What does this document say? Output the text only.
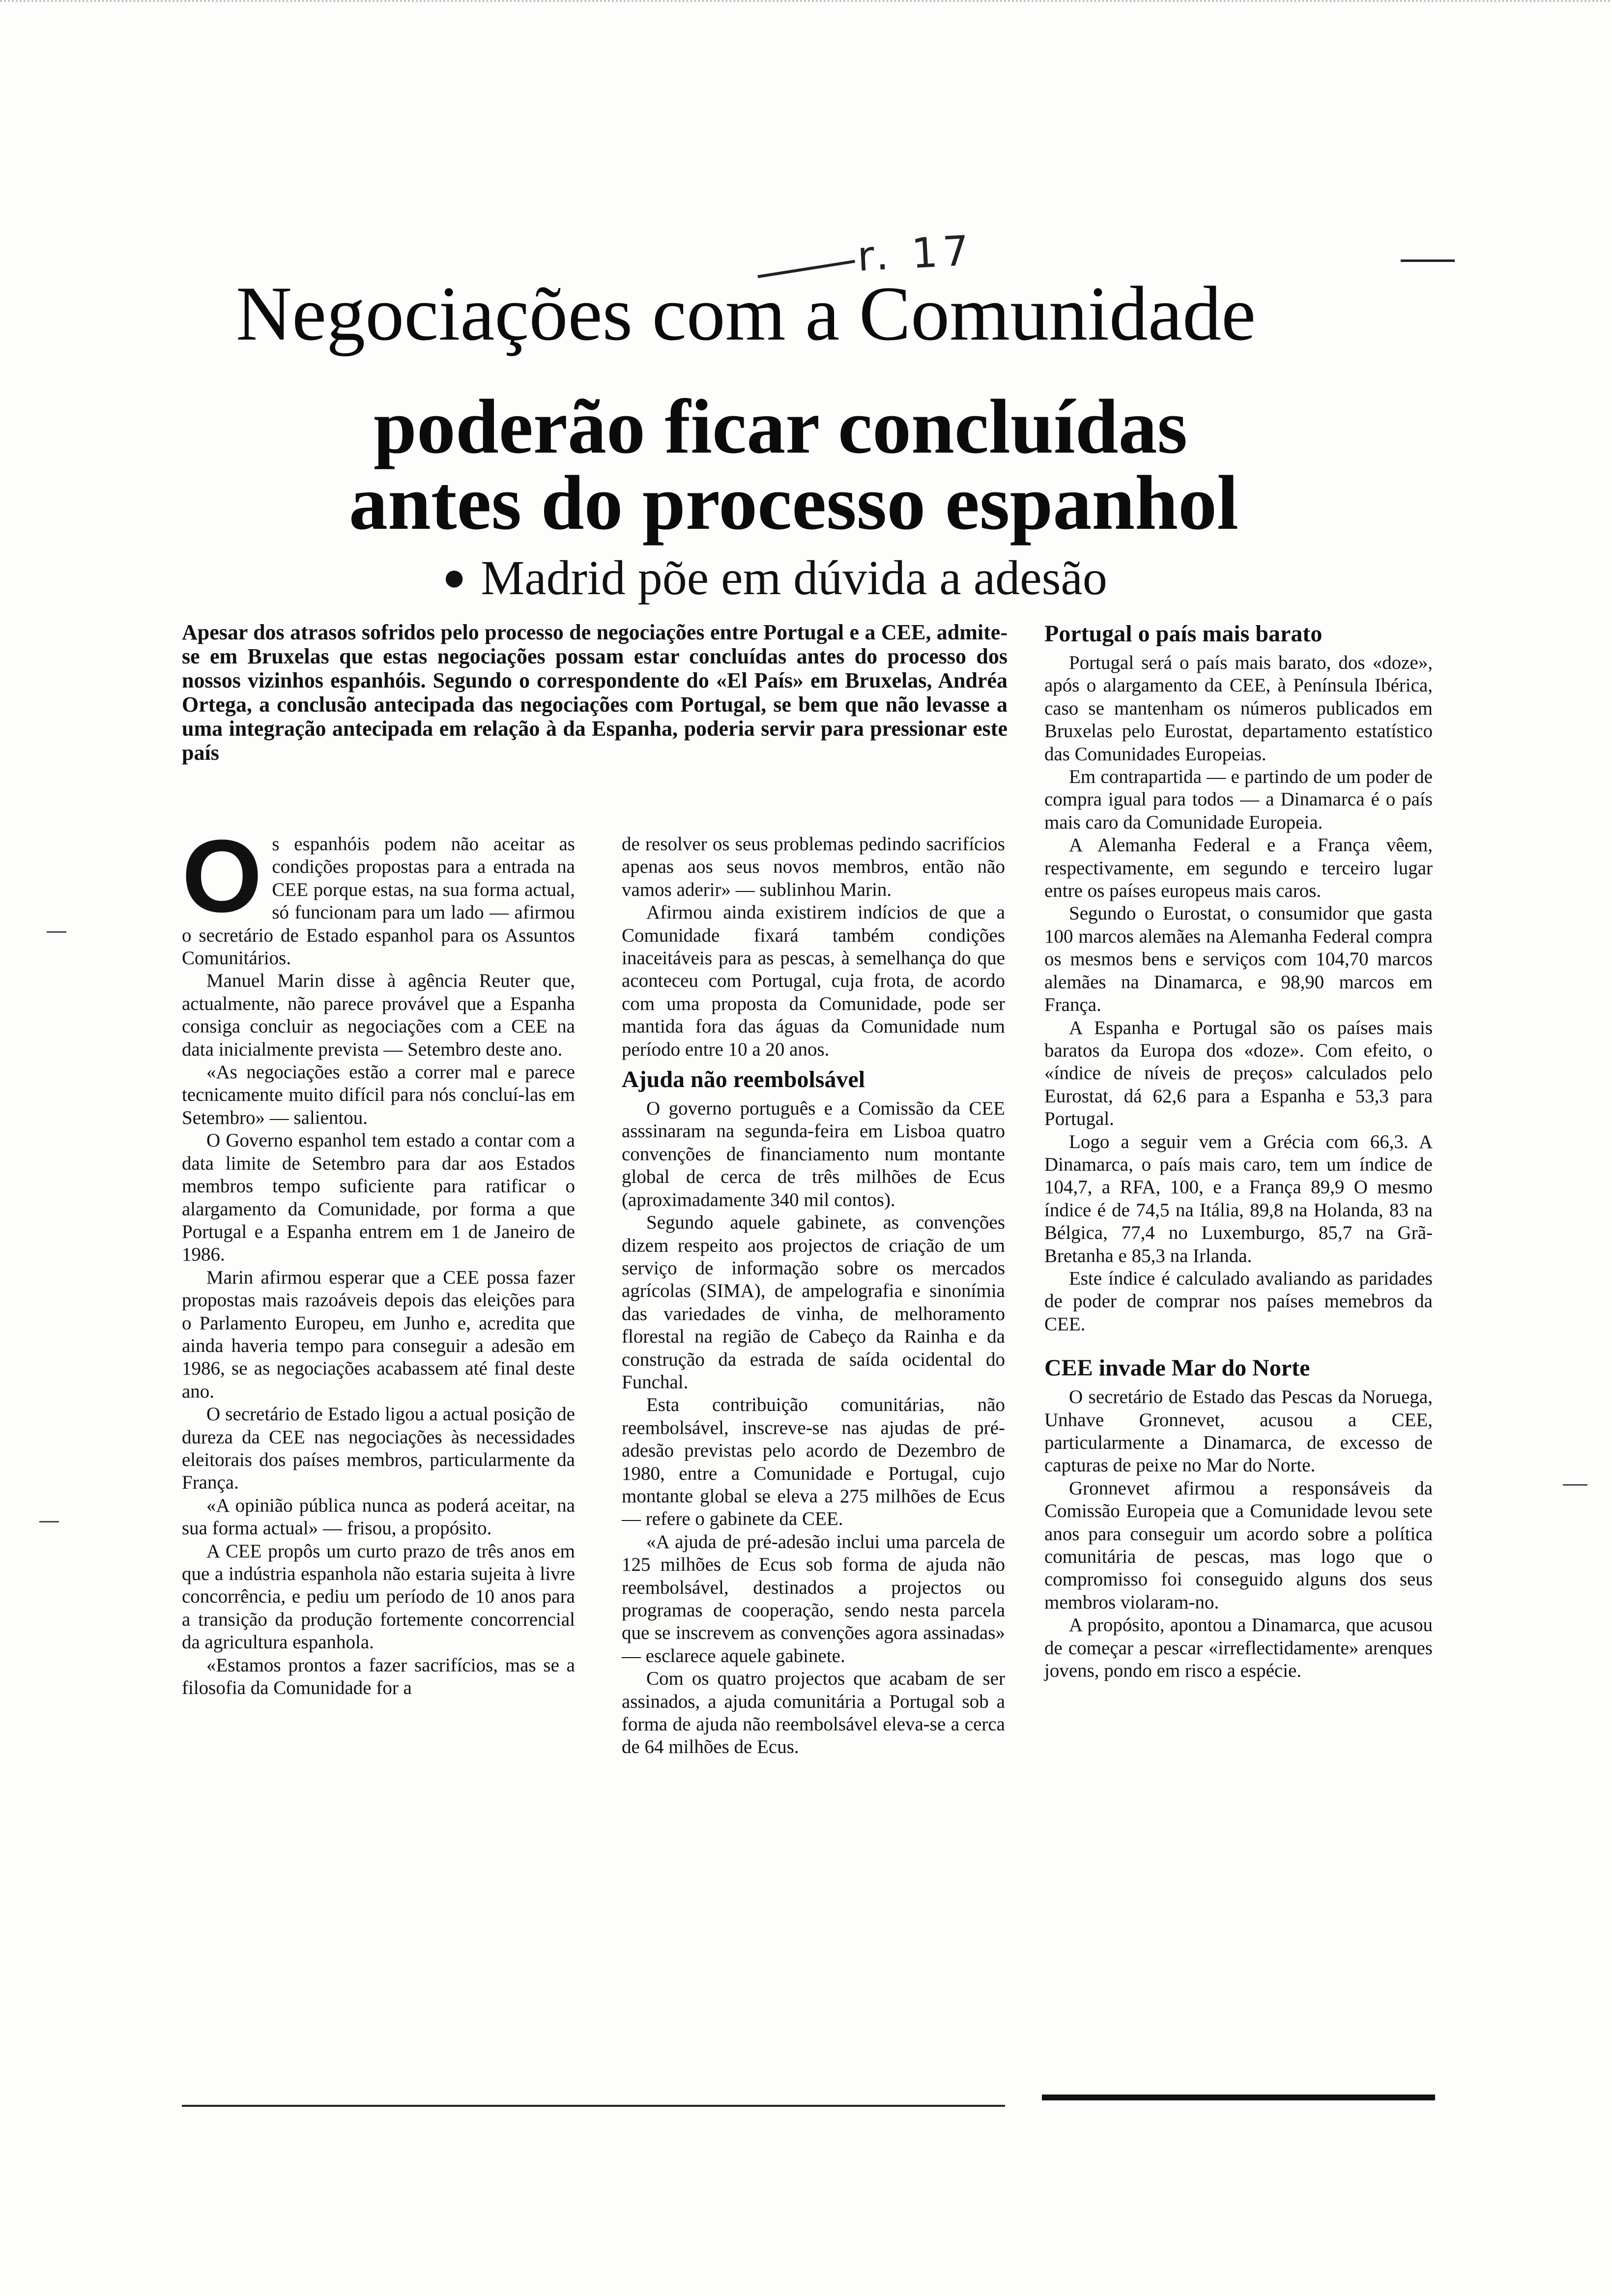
r. 17
Negociações com a Comunidade
poderão ficar concluídas
antes do processo espanhol
● Madrid põe em dúvida a adesão

Apesar dos atrasos sofridos pelo processo de negociações entre Portugal e a CEE, admite-se em Bruxelas que estas negociações possam estar concluídas antes do processo dos nossos vizinhos espanhóis. Segundo o correspondente do «El País» em Bruxelas, Andréa Ortega, a conclusão antecipada das negociações com Portugal, se bem que não levasse a uma integração antecipada em relação à da Espanha, poderia servir para pressionar este país

Os espanhóis podem não aceitar as condições propostas para a entrada na CEE porque estas, na sua forma actual, só funcionam para um lado — afirmou o secretário de Estado espanhol para os Assuntos Comunitários.

Manuel Marin disse à agência Reuter que, actualmente, não parece provável que a Espanha consiga concluir as negociações com a CEE na data inicialmente prevista — Setembro deste ano.

«As negociações estão a correr mal e parece tecnicamente muito difícil para nós concluí-las em Setembro» — salientou.

O Governo espanhol tem estado a contar com a data limite de Setembro para dar aos Estados membros tempo suficiente para ratificar o alargamento da Comunidade, por forma a que Portugal e a Espanha entrem em 1 de Janeiro de 1986.

Marin afirmou esperar que a CEE possa fazer propostas mais razoáveis depois das eleições para o Parlamento Europeu, em Junho e, acredita que ainda haveria tempo para conseguir a adesão em 1986, se as negociações acabassem até final deste ano.

O secretário de Estado ligou a actual posição de dureza da CEE nas negociações às necessidades eleitorais dos países membros, particularmente da França.

«A opinião pública nunca as poderá aceitar, na sua forma actual» — frisou, a propósito.

A CEE propôs um curto prazo de três anos em que a indústria espanhola não estaria sujeita à livre concorrência, e pediu um período de 10 anos para a transição da produção fortemente concorrencial da agricultura espanhola.

«Estamos prontos a fazer sacrifícios, mas se a filosofia da Comunidade for a

de resolver os seus problemas pedindo sacrifícios apenas aos seus novos membros, então não vamos aderir» — sublinhou Marin.

Afirmou ainda existirem indícios de que a Comunidade fixará também condições inaceitáveis para as pescas, à semelhança do que aconteceu com Portugal, cuja frota, de acordo com uma proposta da Comunidade, pode ser mantida fora das águas da Comunidade num período entre 10 a 20 anos.

Ajuda não reembolsável

O governo português e a Comissão da CEE asssinaram na segunda-feira em Lisboa quatro convenções de financiamento num montante global de cerca de três milhões de Ecus (aproximadamente 340 mil contos).

Segundo aquele gabinete, as convenções dizem respeito aos projectos de criação de um serviço de informação sobre os mercados agrícolas (SIMA), de ampelografia e sinonímia das variedades de vinha, de melhoramento florestal na região de Cabeço da Rainha e da construção da estrada de saída ocidental do Funchal.

Esta contribuição comunitárias, não reembolsável, inscreve-se nas ajudas de pré-adesão previstas pelo acordo de Dezembro de 1980, entre a Comunidade e Portugal, cujo montante global se eleva a 275 milhões de Ecus — refere o gabinete da CEE.

«A ajuda de pré-adesão inclui uma parcela de 125 milhões de Ecus sob forma de ajuda não reembolsável, destinados a projectos ou programas de cooperação, sendo nesta parcela que se inscrevem as convenções agora assinadas» — esclarece aquele gabinete.

Com os quatro projectos que acabam de ser assinados, a ajuda comunitária a Portugal sob a forma de ajuda não reembolsável eleva-se a cerca de 64 milhões de Ecus.

Portugal o país mais barato

Portugal será o país mais barato, dos «doze», após o alargamento da CEE, à Península Ibérica, caso se mantenham os números publicados em Bruxelas pelo Eurostat, departamento estatístico das Comunidades Europeias.

Em contrapartida — e partindo de um poder de compra igual para todos — a Dinamarca é o país mais caro da Comunidade Europeia.

A Alemanha Federal e a França vêem, respectivamente, em segundo e terceiro lugar entre os países europeus mais caros.

Segundo o Eurostat, o consumidor que gasta 100 marcos alemães na Alemanha Federal compra os mesmos bens e serviços com 104,70 marcos alemães na Dinamarca, e 98,90 marcos em França.

A Espanha e Portugal são os países mais baratos da Europa dos «doze». Com efeito, o «índice de níveis de preços» calculados pelo Eurostat, dá 62,6 para a Espanha e 53,3 para Portugal.

Logo a seguir vem a Grécia com 66,3. A Dinamarca, o país mais caro, tem um índice de 104,7, a RFA, 100, e a França 89,9 O mesmo índice é de 74,5 na Itália, 89,8 na Holanda, 83 na Bélgica, 77,4 no Luxemburgo, 85,7 na Grã-Bretanha e 85,3 na Irlanda.

Este índice é calculado avaliando as paridades de poder de comprar nos países memebros da CEE.

CEE invade Mar do Norte

O secretário de Estado das Pescas da Noruega, Unhave Gronnevet, acusou a CEE, particularmente a Dinamarca, de excesso de capturas de peixe no Mar do Norte.

Gronnevet afirmou a responsáveis da Comissão Europeia que a Comunidade levou sete anos para conseguir um acordo sobre a política comunitária de pescas, mas logo que o compromisso foi conseguido alguns dos seus membros violaram-no.

A propósito, apontou a Dinamarca, que acusou de começar a pescar «irreflectidamente» arenques jovens, pondo em risco a espécie.
